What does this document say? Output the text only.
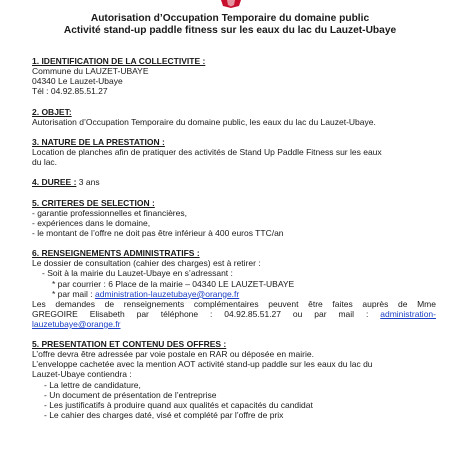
Autorisation d’Occupation Temporaire du domaine public
Activité stand-up paddle fitness sur les eaux du lac du Lauzet-Ubaye
1. IDENTIFICATION DE LA COLLECTIVITE :
Commune du LAUZET-UBAYE
04340 Le Lauzet-Ubaye
Tél : 04.92.85.51.27
2. OBJET:
Autorisation d’Occupation Temporaire du domaine public, les eaux du lac du Lauzet-Ubaye.
3. NATURE DE LA PRESTATION :
Location de planches afin de pratiquer des activités de Stand Up Paddle Fitness sur les eaux
du lac.
4. DUREE : 3 ans
5. CRITERES DE SELECTION :
- garantie professionnelles et financières,
- expériences dans le domaine,
- le montant de l’offre ne doit pas être inférieur à 400 euros TTC/an
6. RENSEIGNEMENTS ADMINISTRATIFS :
Le dossier de consultation (cahier des charges) est à retirer :
- Soit à la mairie du Lauzet-Ubaye en s’adressant :
* par courrier : 6 Place de la mairie – 04340 LE LAUZET-UBAYE
* par mail : administration-lauzetubaye@orange.fr
Les demandes de renseignements complémentaires peuvent être faites auprès de Mme
GREGOIRE Elisabeth par téléphone : 04.92.85.51.27 ou par mail : administration-
lauzetubaye@orange.fr
5. PRESENTATION ET CONTENU DES OFFRES :
L’offre devra être adressée par voie postale en RAR ou déposée en mairie.
L’enveloppe cachetée avec la mention AOT activité stand-up paddle sur les eaux du lac du
Lauzet-Ubaye contiendra :
- La lettre de candidature,
- Un document de présentation de l’entreprise
- Les justificatifs à produire quand aux qualités et capacités du candidat
- Le cahier des charges daté, visé et complété par l’offre de prix
